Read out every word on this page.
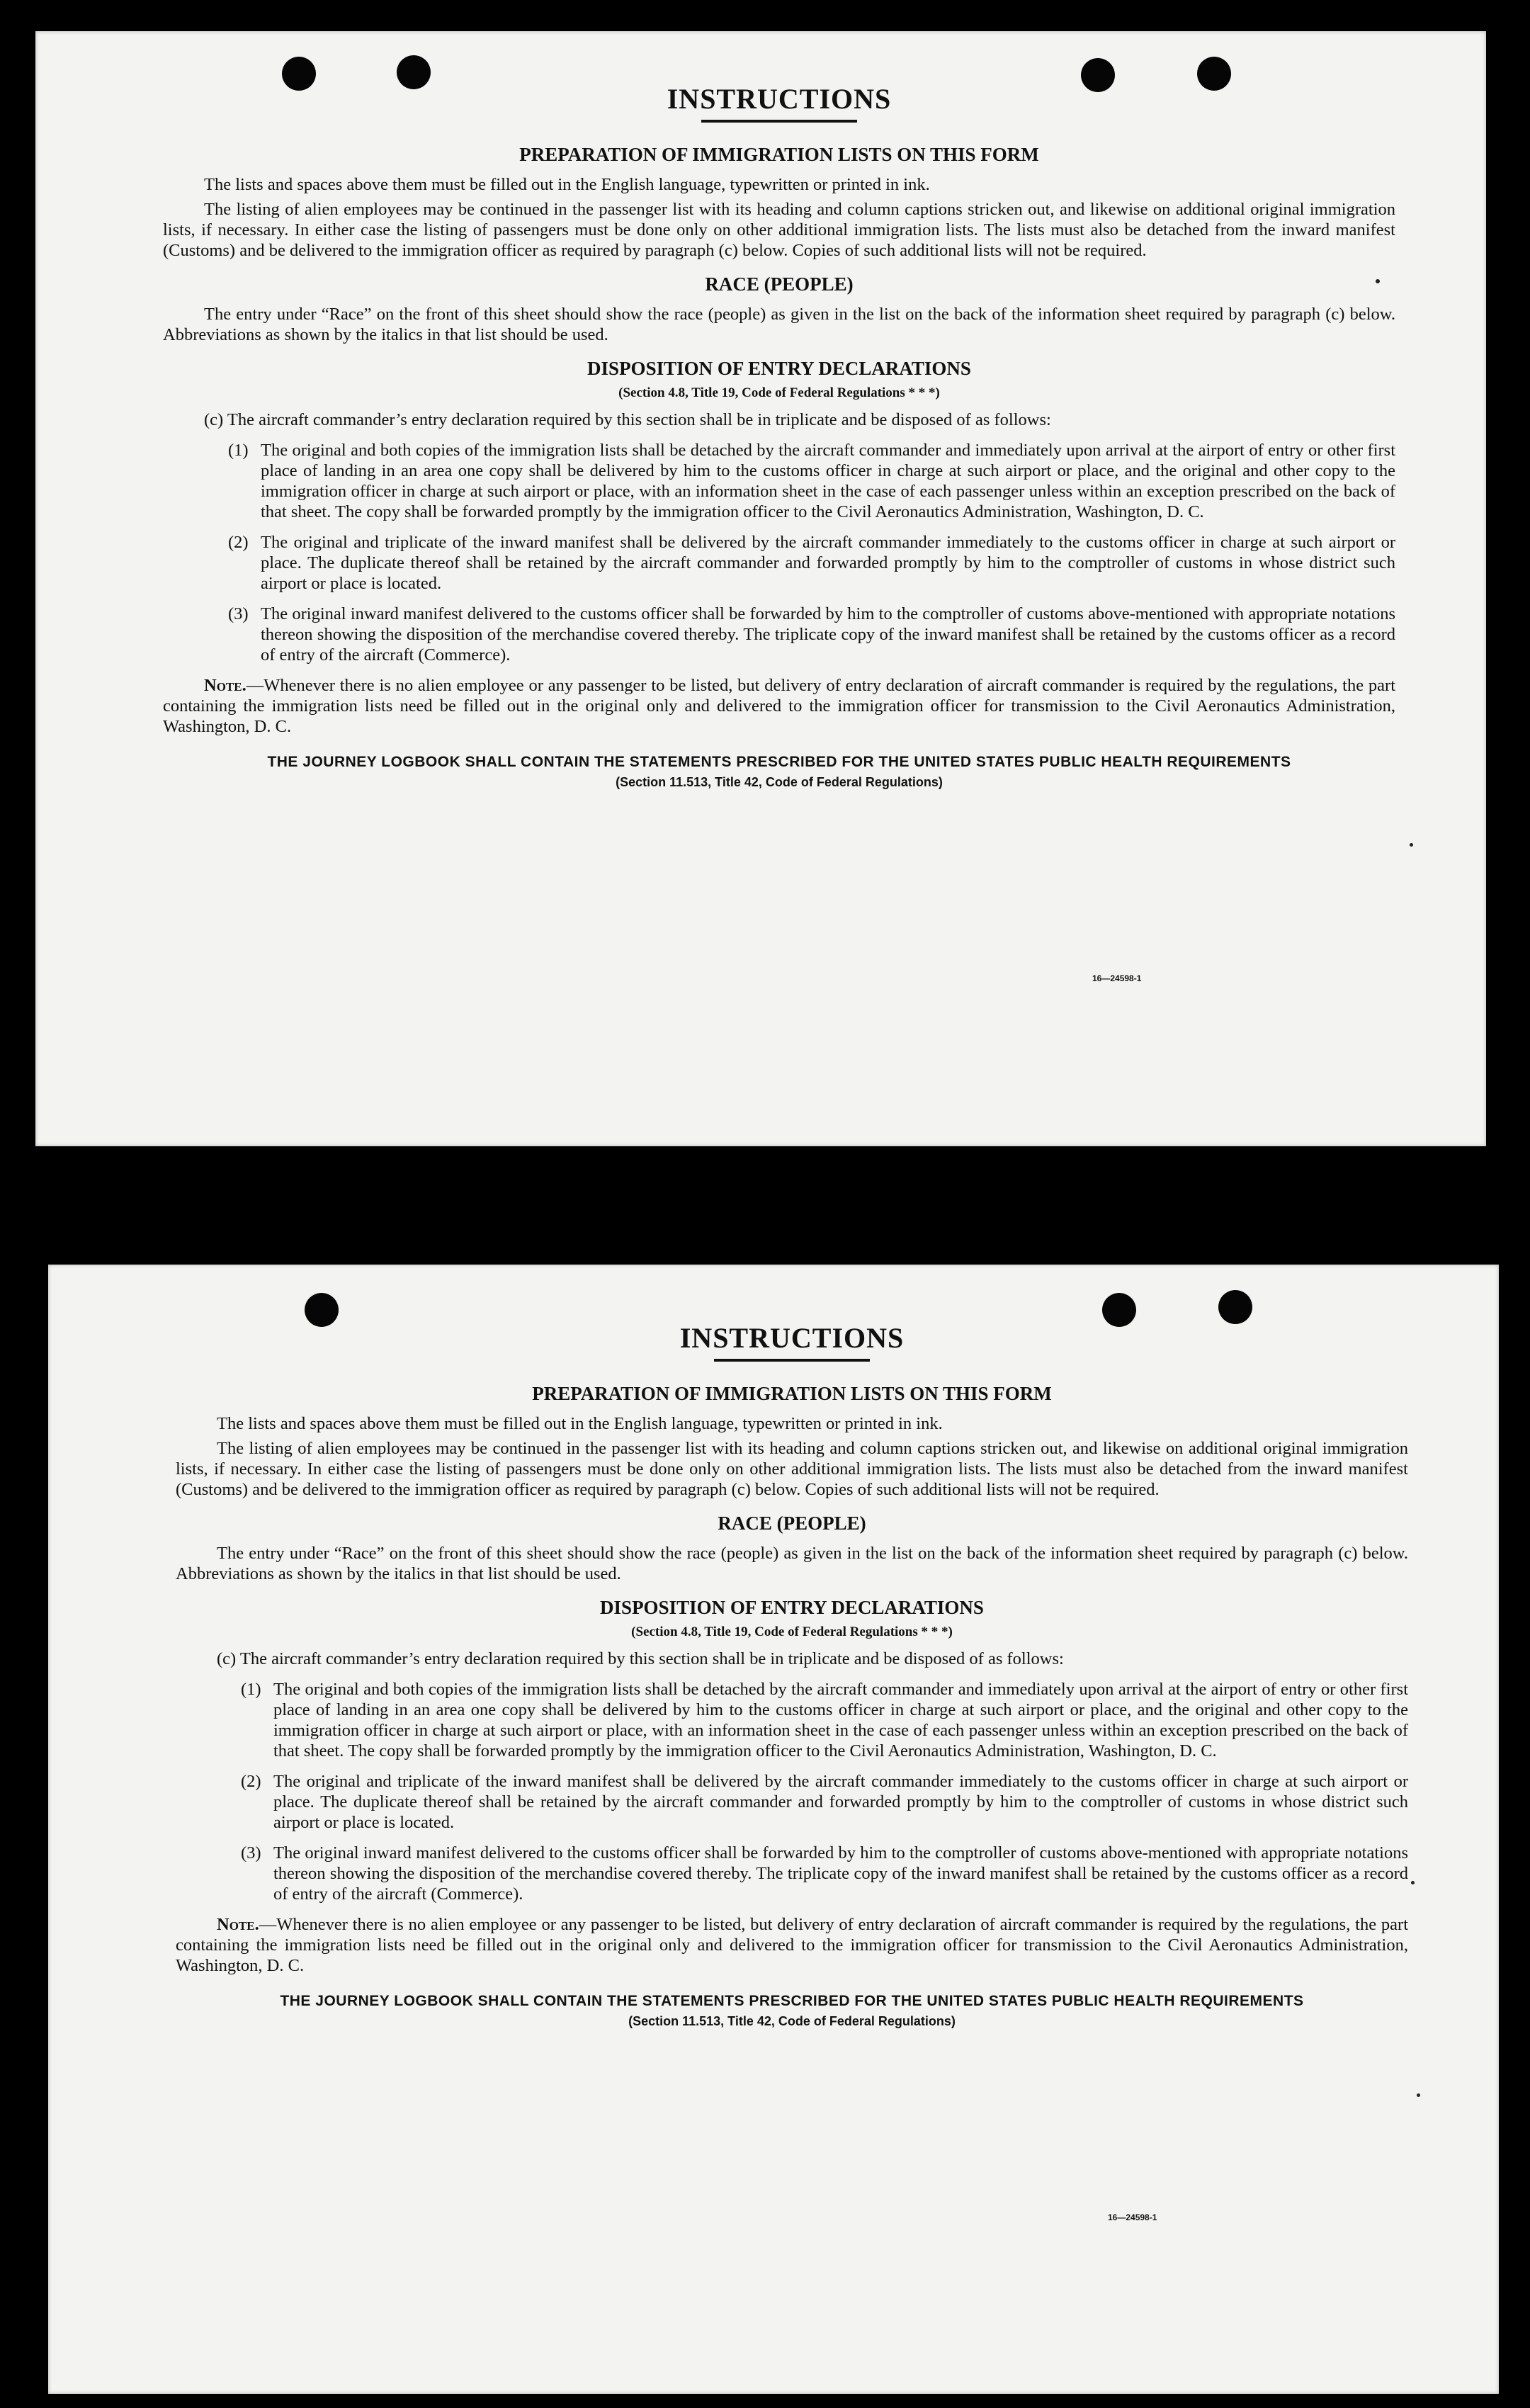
INSTRUCTIONS
PREPARATION OF IMMIGRATION LISTS ON THIS FORM

The lists and spaces above them must be filled out in the English language, typewritten or printed in ink.

The listing of alien employees may be continued in the passenger list with its heading and column captions stricken out, and likewise on additional original immigration lists, if necessary. In either case the listing of passengers must be done only on other additional immigration lists. The lists must also be detached from the inward manifest (Customs) and be delivered to the immigration officer as required by paragraph (c) below. Copies of such additional lists will not be required.

RACE (PEOPLE)

The entry under “Race” on the front of this sheet should show the race (people) as given in the list on the back of the information sheet required by paragraph (c) below. Abbreviations as shown by the italics in that list should be used.

DISPOSITION OF ENTRY DECLARATIONS
(Section 4.8, Title 19, Code of Federal Regulations * * *)

(c) The aircraft commander’s entry declaration required by this section shall be in triplicate and be disposed of as follows:

(1) The original and both copies of the immigration lists shall be detached by the aircraft commander and immediately upon arrival at the airport of entry or other first place of landing in an area one copy shall be delivered by him to the customs officer in charge at such airport or place, and the original and other copy to the immigration officer in charge at such airport or place, with an information sheet in the case of each passenger unless within an exception prescribed on the back of that sheet. The copy shall be forwarded promptly by the immigration officer to the Civil Aeronautics Administration, Washington, D. C.
(2) The original and triplicate of the inward manifest shall be delivered by the aircraft commander immediately to the customs officer in charge at such airport or place. The duplicate thereof shall be retained by the aircraft commander and forwarded promptly by him to the comptroller of customs in whose district such airport or place is located.
(3) The original inward manifest delivered to the customs officer shall be forwarded by him to the comptroller of customs above-mentioned with appropriate notations thereon showing the disposition of the merchandise covered thereby. The triplicate copy of the inward manifest shall be retained by the customs officer as a record of entry of the aircraft (Commerce).

Note.—Whenever there is no alien employee or any passenger to be listed, but delivery of entry declaration of aircraft commander is required by the regulations, the part containing the immigration lists need be filled out in the original only and delivered to the immigration officer for transmission to the Civil Aeronautics Administration, Washington, D. C.

THE JOURNEY LOGBOOK SHALL CONTAIN THE STATEMENTS PRESCRIBED FOR THE UNITED STATES PUBLIC HEALTH REQUIREMENTS
(Section 11.513, Title 42, Code of Federal Regulations)
16—24598-1
INSTRUCTIONS
PREPARATION OF IMMIGRATION LISTS ON THIS FORM

The lists and spaces above them must be filled out in the English language, typewritten or printed in ink.

The listing of alien employees may be continued in the passenger list with its heading and column captions stricken out, and likewise on additional original immigration lists, if necessary. In either case the listing of passengers must be done only on other additional immigration lists. The lists must also be detached from the inward manifest (Customs) and be delivered to the immigration officer as required by paragraph (c) below. Copies of such additional lists will not be required.

RACE (PEOPLE)

The entry under “Race” on the front of this sheet should show the race (people) as given in the list on the back of the information sheet required by paragraph (c) below. Abbreviations as shown by the italics in that list should be used.

DISPOSITION OF ENTRY DECLARATIONS
(Section 4.8, Title 19, Code of Federal Regulations * * *)

(c) The aircraft commander’s entry declaration required by this section shall be in triplicate and be disposed of as follows:

(1) The original and both copies of the immigration lists shall be detached by the aircraft commander and immediately upon arrival at the airport of entry or other first place of landing in an area one copy shall be delivered by him to the customs officer in charge at such airport or place, and the original and other copy to the immigration officer in charge at such airport or place, with an information sheet in the case of each passenger unless within an exception prescribed on the back of that sheet. The copy shall be forwarded promptly by the immigration officer to the Civil Aeronautics Administration, Washington, D. C.
(2) The original and triplicate of the inward manifest shall be delivered by the aircraft commander immediately to the customs officer in charge at such airport or place. The duplicate thereof shall be retained by the aircraft commander and forwarded promptly by him to the comptroller of customs in whose district such airport or place is located.
(3) The original inward manifest delivered to the customs officer shall be forwarded by him to the comptroller of customs above-mentioned with appropriate notations thereon showing the disposition of the merchandise covered thereby. The triplicate copy of the inward manifest shall be retained by the customs officer as a record of entry of the aircraft (Commerce).

Note.—Whenever there is no alien employee or any passenger to be listed, but delivery of entry declaration of aircraft commander is required by the regulations, the part containing the immigration lists need be filled out in the original only and delivered to the immigration officer for transmission to the Civil Aeronautics Administration, Washington, D. C.

THE JOURNEY LOGBOOK SHALL CONTAIN THE STATEMENTS PRESCRIBED FOR THE UNITED STATES PUBLIC HEALTH REQUIREMENTS
(Section 11.513, Title 42, Code of Federal Regulations)
16—24598-1
